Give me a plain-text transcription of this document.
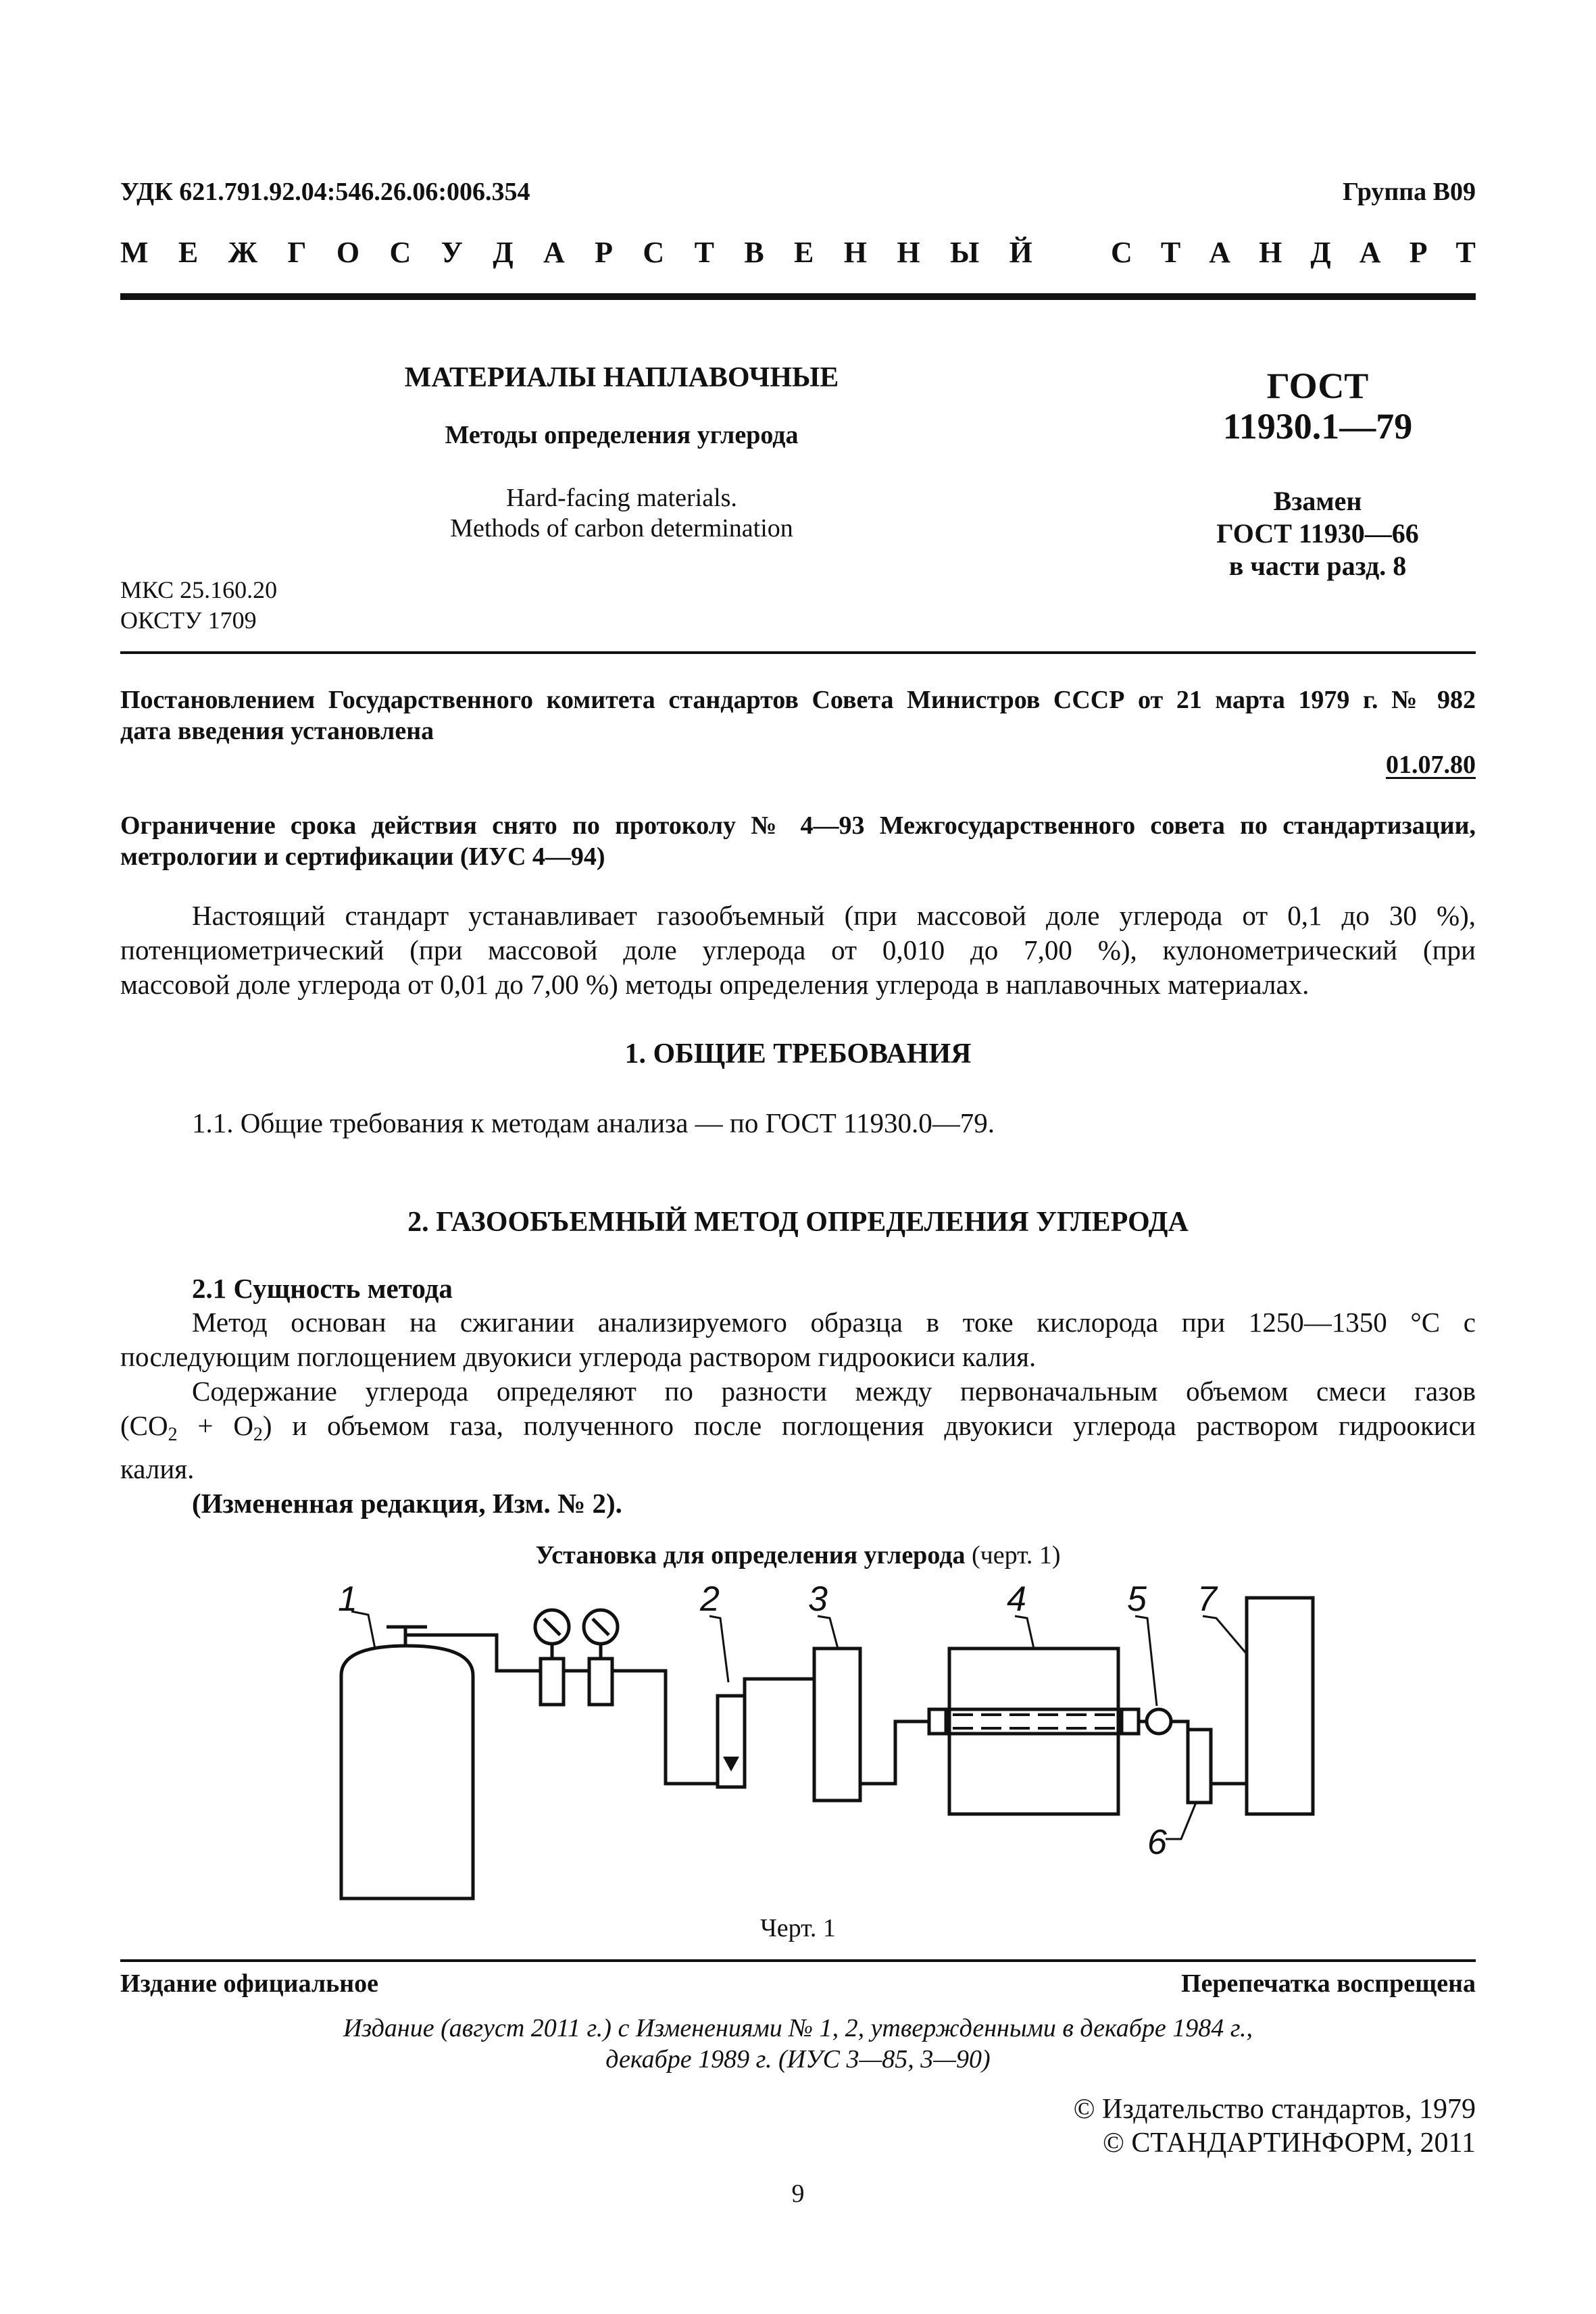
УДК 621.791.92.04:546.26.06:006.354	Группа В09
М Е Ж Г О С У Д А Р С Т В Е Н Н Ы Й	С Т А Н Д А Р Т
МАТЕРИАЛЫ НАПЛАВОЧНЫЕ
Методы определения углерода
Hard-facing materials.
Methods of carbon determination
МКС 25.160.20
ОКСТУ 1709
ГОСТ
11930.1—79
Взамен
ГОСТ 11930—66
в части разд. 8
Постановлением Государственного комитета стандартов Совета Министров СССР от 21 марта 1979 г. № 982
дата введения установлена
01.07.80
Ограничение срока действия снято по протоколу № 4—93 Межгосударственного совета по стандартизации,
метрологии и сертификации (ИУС 4—94)
Настоящий стандарт устанавливает газообъемный (при массовой доле углерода от 0,1 до 30 %),
потенциометрический (при массовой доле углерода от 0,010 до 7,00 %), кулонометрический (при
массовой доле углерода от 0,01 до 7,00 %) методы определения углерода в наплавочных материалах.
1. ОБЩИЕ ТРЕБОВАНИЯ
1.1. Общие требования к методам анализа — по ГОСТ 11930.0—79.
2. ГАЗООБЪЕМНЫЙ МЕТОД ОПРЕДЕЛЕНИЯ УГЛЕРОДА
2.1 Сущность метода
Метод основан на сжигании анализируемого образца в токе кислорода при 1250—1350 °С с
последующим поглощением двуокиси углерода раствором гидроокиси калия.
Содержание углерода определяют по разности между первоначальным объемом смеси газов
$(CO_2 + O_2)$ и объемом газа, полученного после поглощения двуокиси углерода раствором гидроокиси
калия.
(Измененная редакция, Изм. № 2).
Установка для определения углерода (черт. 1)
1	2	3	4	5
6
7
Черт. 1
Издание официальное	Перепечатка воспрещена
Издание (август 2011 г.) с Изменениями № 1, 2, утвержденными в декабре 1984 г.,
декабре 1989 г. (ИУС 3—85, 3—90)
© Издательство стандартов, 1979
© СТАНДАРТИНФОРМ, 2011
9
